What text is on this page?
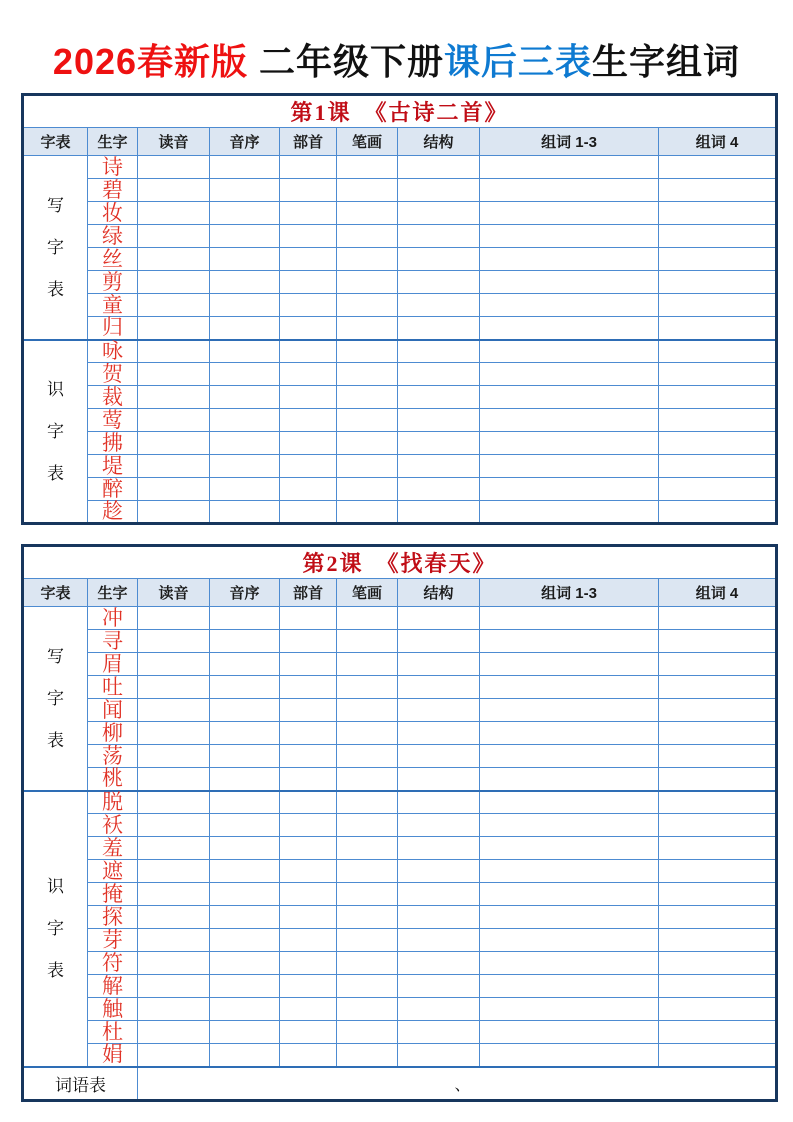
2026春新版 二年级下册课后三表生字组词
第1课　《古诗二首》								
字表	生字	读音	音序	部首	笔画	结构	组词 1-3	组词 4

写
字
表	诗							
	碧							
	妆							
	绿							
	丝							
	剪							
	童							
	归							

识
字
表	咏							
	贺							
	裁							
	莺							
	拂							
	堤							
	醉							
	趁							
第2课　《找春天》								
字表	生字	读音	音序	部首	笔画	结构	组词 1-3	组词 4

写
字
表	冲							
	寻							
	眉							
	吐							
	闻							
	柳							
	荡							
	桃							

识
字
表	脱							
	袄							
	羞							
	遮							
	掩							
	探							
	芽							
	符							
	解							
	触							
	杜							
	娟							
词语表		、						
